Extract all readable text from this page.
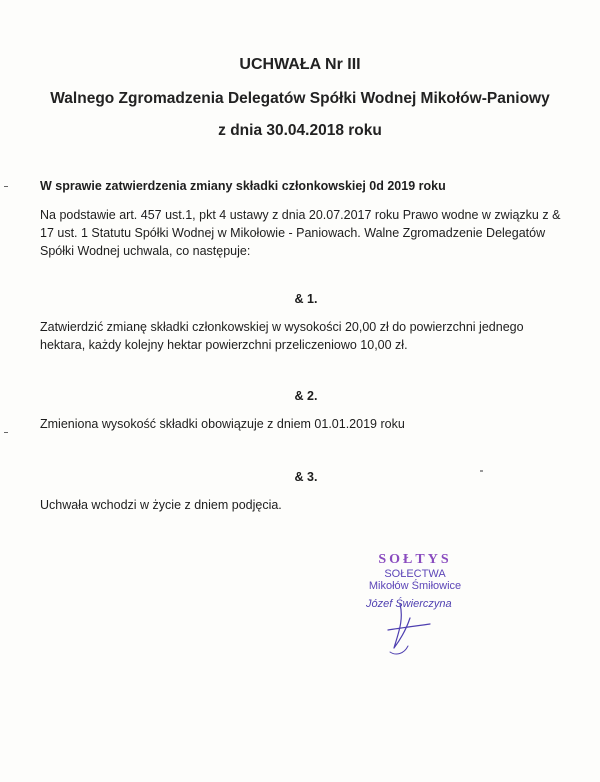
UCHWAŁA Nr III
Walnego Zgromadzenia Delegatów Spółki Wodnej Mikołów-Paniowy
z dnia 30.04.2018 roku
W sprawie zatwierdzenia zmiany składki członkowskiej 0d 2019 roku
Na podstawie art. 457 ust.1, pkt 4 ustawy z dnia 20.07.2017 roku Prawo wodne w związku z & 17 ust. 1 Statutu Spółki Wodnej w Mikołowie - Paniowach. Walne Zgromadzenie Delegatów Spółki Wodnej uchwala, co następuje:
& 1.
Zatwierdzić zmianę składki członkowskiej w wysokości 20,00 zł do powierzchni jednego hektara, każdy kolejny hektar powierzchni przeliczeniowo 10,00 zł.
& 2.
Zmieniona wysokość składki obowiązuje z dniem 01.01.2019 roku
& 3.
Uchwała wchodzi w życie z dniem podjęcia.
SOŁTYS
SOŁECTWA
Mikołów Śmiłowice
Józef Świerczyna
